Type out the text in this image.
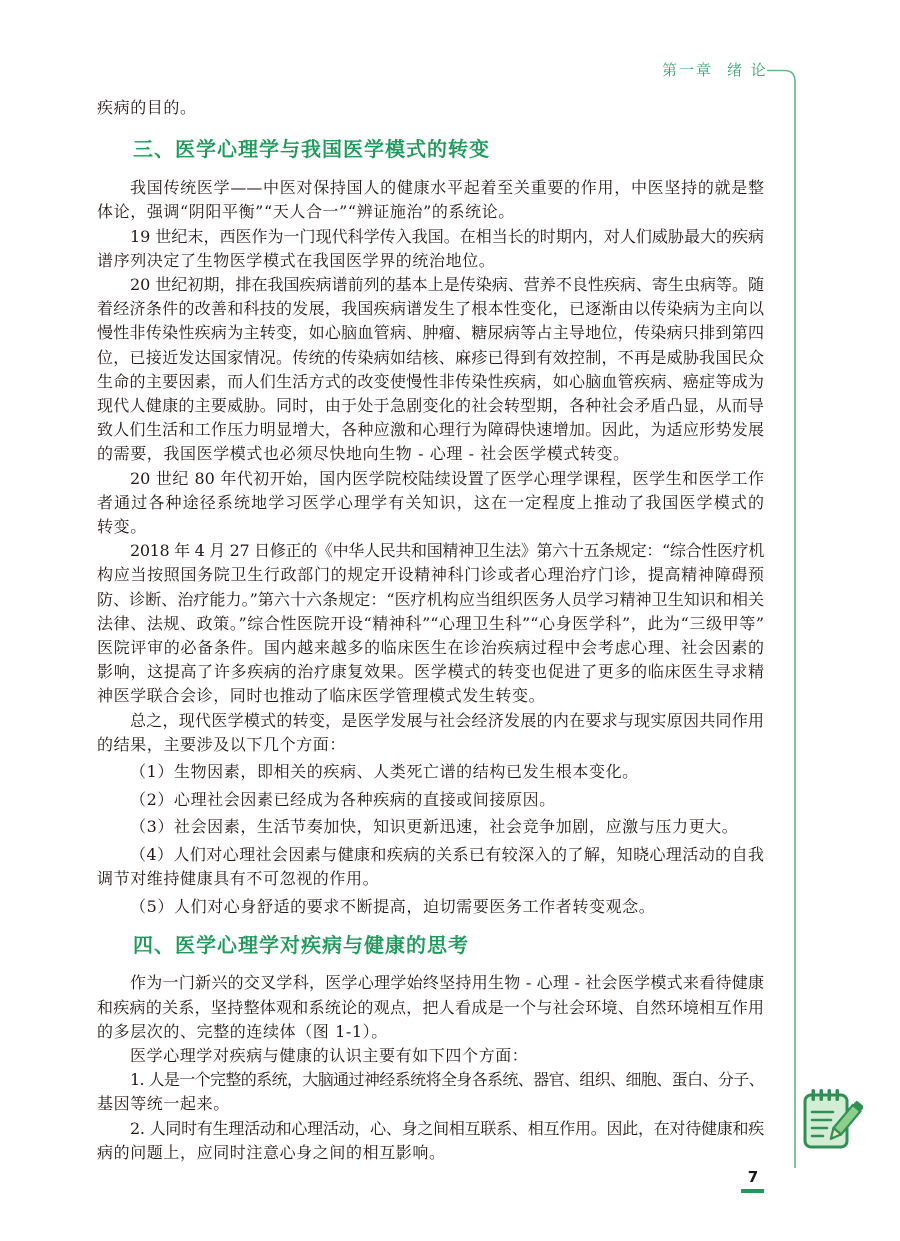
第一章 绪 论
疾病的目的。
三、医学心理学与我国医学模式的转变
我国传统医学——中医对保持国人的健康水平起着至关重要的作用，中医坚持的就是整
体论，强调“阴阳平衡”“天人合一”“辨证施治”的系统论。
19 世纪末，西医作为一门现代科学传入我国。在相当长的时期内，对人们威胁最大的疾病
谱序列决定了生物医学模式在我国医学界的统治地位。
20 世纪初期，排在我国疾病谱前列的基本上是传染病、营养不良性疾病、寄生虫病等。随
着经济条件的改善和科技的发展，我国疾病谱发生了根本性变化，已逐渐由以传染病为主向以
慢性非传染性疾病为主转变，如心脑血管病、肿瘤、糖尿病等占主导地位，传染病只排到第四
位，已接近发达国家情况。传统的传染病如结核、麻疹已得到有效控制，不再是威胁我国民众
生命的主要因素，而人们生活方式的改变使慢性非传染性疾病，如心脑血管疾病、癌症等成为
现代人健康的主要威胁。同时，由于处于急剧变化的社会转型期，各种社会矛盾凸显，从而导
致人们生活和工作压力明显增大，各种应激和心理行为障碍快速增加。因此，为适应形势发展
的需要，我国医学模式也必须尽快地向生物 - 心理 - 社会医学模式转变。
20 世纪 80 年代初开始，国内医学院校陆续设置了医学心理学课程，医学生和医学工作
者通过各种途径系统地学习医学心理学有关知识，这在一定程度上推动了我国医学模式的
转变。
2018 年 4 月 27 日修正的《中华人民共和国精神卫生法》第六十五条规定：“综合性医疗机
构应当按照国务院卫生行政部门的规定开设精神科门诊或者心理治疗门诊，提高精神障碍预
防、诊断、治疗能力。”第六十六条规定：“医疗机构应当组织医务人员学习精神卫生知识和相关
法律、法规、政策。”综合性医院开设“精神科”“心理卫生科”“心身医学科”，此为“三级甲等”
医院评审的必备条件。国内越来越多的临床医生在诊治疾病过程中会考虑心理、社会因素的
影响，这提高了许多疾病的治疗康复效果。医学模式的转变也促进了更多的临床医生寻求精
神医学联合会诊，同时也推动了临床医学管理模式发生转变。
总之，现代医学模式的转变，是医学发展与社会经济发展的内在要求与现实原因共同作用
的结果，主要涉及以下几个方面：
（1）生物因素，即相关的疾病、人类死亡谱的结构已发生根本变化。
（2）心理社会因素已经成为各种疾病的直接或间接原因。
（3）社会因素，生活节奏加快，知识更新迅速，社会竞争加剧，应激与压力更大。
（4）人们对心理社会因素与健康和疾病的关系已有较深入的了解，知晓心理活动的自我
调节对维持健康具有不可忽视的作用。
（5）人们对心身舒适的要求不断提高，迫切需要医务工作者转变观念。
四、医学心理学对疾病与健康的思考
作为一门新兴的交叉学科，医学心理学始终坚持用生物 - 心理 - 社会医学模式来看待健康
和疾病的关系，坚持整体观和系统论的观点，把人看成是一个与社会环境、自然环境相互作用
的多层次的、完整的连续体（图 1-1）。
医学心理学对疾病与健康的认识主要有如下四个方面：
1. 人是一个完整的系统，大脑通过神经系统将全身各系统、器官、组织、细胞、蛋白、分子、
基因等统一起来。
2. 人同时有生理活动和心理活动，心、身之间相互联系、相互作用。因此，在对待健康和疾
病的问题上，应同时注意心身之间的相互影响。
7
